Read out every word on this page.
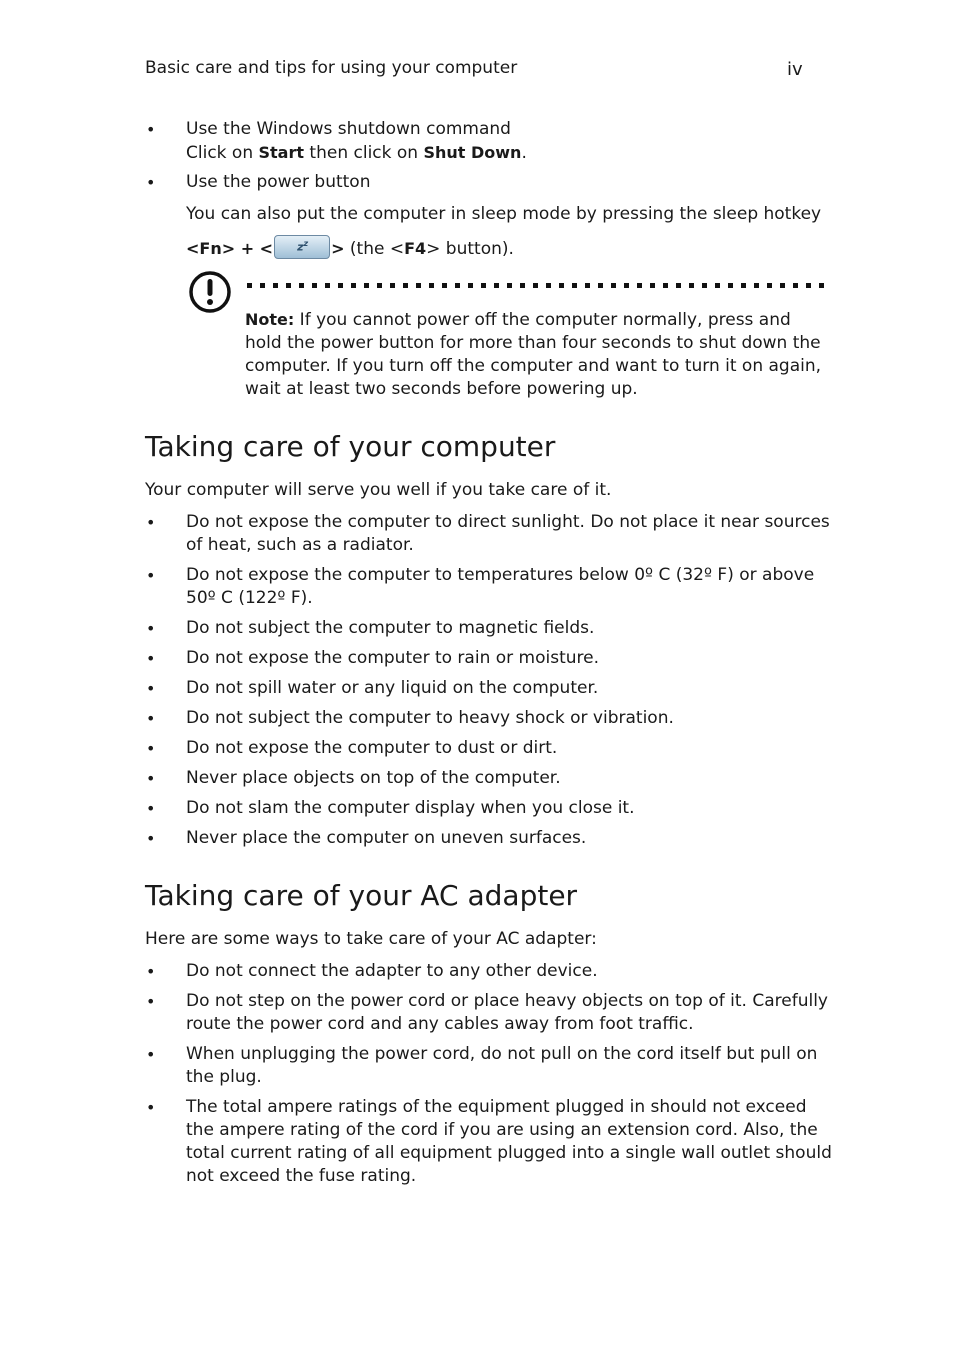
Basic care and tips for using your computer	iv
•
Use the Windows shutdown command
Click on Start then click on Shut Down.
•
Use the power button
You can also put the computer in sleep mode by pressing the sleep hotkey
<Fn> + < $z^z > (the <F4>$ button).
Note: If you cannot power off the computer normally, press and hold the power button for more than four seconds to shut down the computer. If you turn off the computer and want to turn it on again, wait at least two seconds before powering up.
Taking care of your computer
Your computer will serve you well if you take care of it.
•
Do not expose the computer to direct sunlight. Do not place it near sources of heat, such as a radiator.
•
Do not expose the computer to temperatures below 0º C (32º F) or above 50º C (122º F).
•
Do not subject the computer to magnetic fields.
•
Do not expose the computer to rain or moisture.
•
Do not spill water or any liquid on the computer.
•
Do not subject the computer to heavy shock or vibration.
•
Do not expose the computer to dust or dirt.
•
Never place objects on top of the computer.
•
Do not slam the computer display when you close it.
•
Never place the computer on uneven surfaces.
Taking care of your AC adapter
Here are some ways to take care of your AC adapter:
•
Do not connect the adapter to any other device.
•
Do not step on the power cord or place heavy objects on top of it. Carefully route the power cord and any cables away from foot traffic.
•
When unplugging the power cord, do not pull on the cord itself but pull on the plug.
•
The total ampere ratings of the equipment plugged in should not exceed the ampere rating of the cord if you are using an extension cord. Also, the total current rating of all equipment plugged into a single wall outlet should not exceed the fuse rating.
